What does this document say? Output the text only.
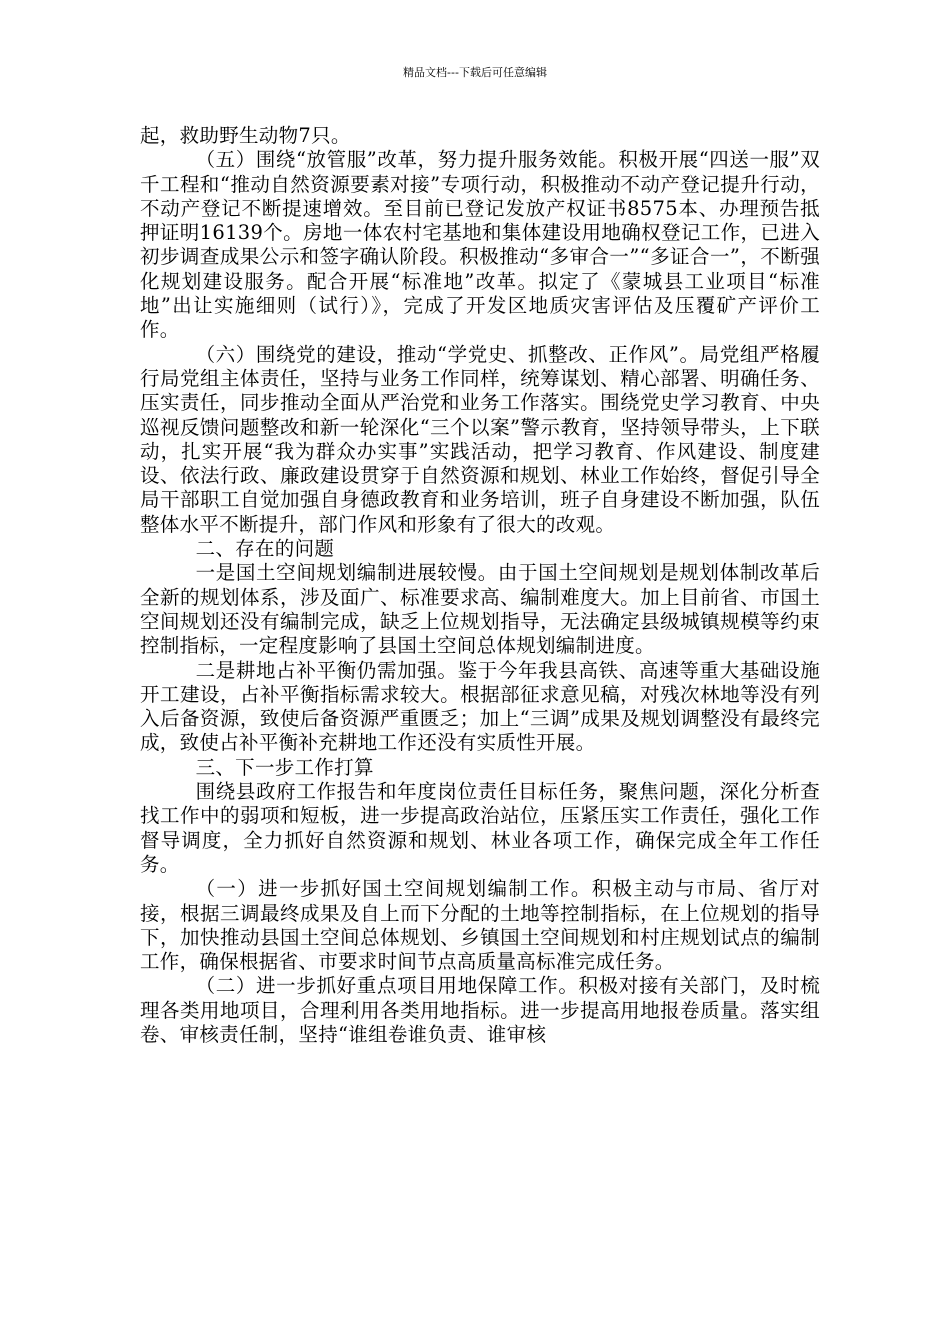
精品文档---下载后可任意编辑

起，救助野生动物7只。

（五）围绕“放管服”改革，努力提升服务效能。积极开展“四送一服”双千工程和“推动自然资源要素对接”专项行动，积极推动不动产登记提升行动，不动产登记不断提速增效。至目前已登记发放产权证书8575本、办理预告抵押证明16139个。房地一体农村宅基地和集体建设用地确权登记工作，已进入初步调查成果公示和签字确认阶段。积极推动“多审合一”“多证合一”，不断强化规划建设服务。配合开展“标准地”改革。拟定了《蒙城县工业项目“标准地”出让实施细则（试行）》，完成了开发区地质灾害评估及压覆矿产评价工作。

（六）围绕党的建设，推动“学党史、抓整改、正作风”。局党组严格履行局党组主体责任，坚持与业务工作同样，统筹谋划、精心部署、明确任务、压实责任，同步推动全面从严治党和业务工作落实。围绕党史学习教育、中央巡视反馈问题整改和新一轮深化“三个以案”警示教育，坚持领导带头，上下联动，扎实开展“我为群众办实事”实践活动，把学习教育、作风建设、制度建设、依法行政、廉政建设贯穿于自然资源和规划、林业工作始终，督促引导全局干部职工自觉加强自身德政教育和业务培训，班子自身建设不断加强，队伍整体水平不断提升，部门作风和形象有了很大的改观。

二、存在的问题

一是国土空间规划编制进展较慢。由于国土空间规划是规划体制改革后全新的规划体系，涉及面广、标准要求高、编制难度大。加上目前省、市国土空间规划还没有编制完成，缺乏上位规划指导，无法确定县级城镇规模等约束控制指标，一定程度影响了县国土空间总体规划编制进度。

二是耕地占补平衡仍需加强。鉴于今年我县高铁、高速等重大基础设施开工建设，占补平衡指标需求较大。根据部征求意见稿，对残次林地等没有列入后备资源，致使后备资源严重匮乏；加上“三调”成果及规划调整没有最终完成，致使占补平衡补充耕地工作还没有实质性开展。

三、下一步工作打算

围绕县政府工作报告和年度岗位责任目标任务，聚焦问题，深化分析查找工作中的弱项和短板，进一步提高政治站位，压紧压实工作责任，强化工作督导调度，全力抓好自然资源和规划、林业各项工作，确保完成全年工作任务。

（一）进一步抓好国土空间规划编制工作。积极主动与市局、省厅对接，根据三调最终成果及自上而下分配的土地等控制指标，在上位规划的指导下，加快推动县国土空间总体规划、乡镇国土空间规划和村庄规划试点的编制工作，确保根据省、市要求时间节点高质量高标准完成任务。

（二）进一步抓好重点项目用地保障工作。积极对接有关部门，及时梳理各类用地项目，合理利用各类用地指标。进一步提高用地报卷质量。落实组卷、审核责任制，坚持“谁组卷谁负责、谁审核
